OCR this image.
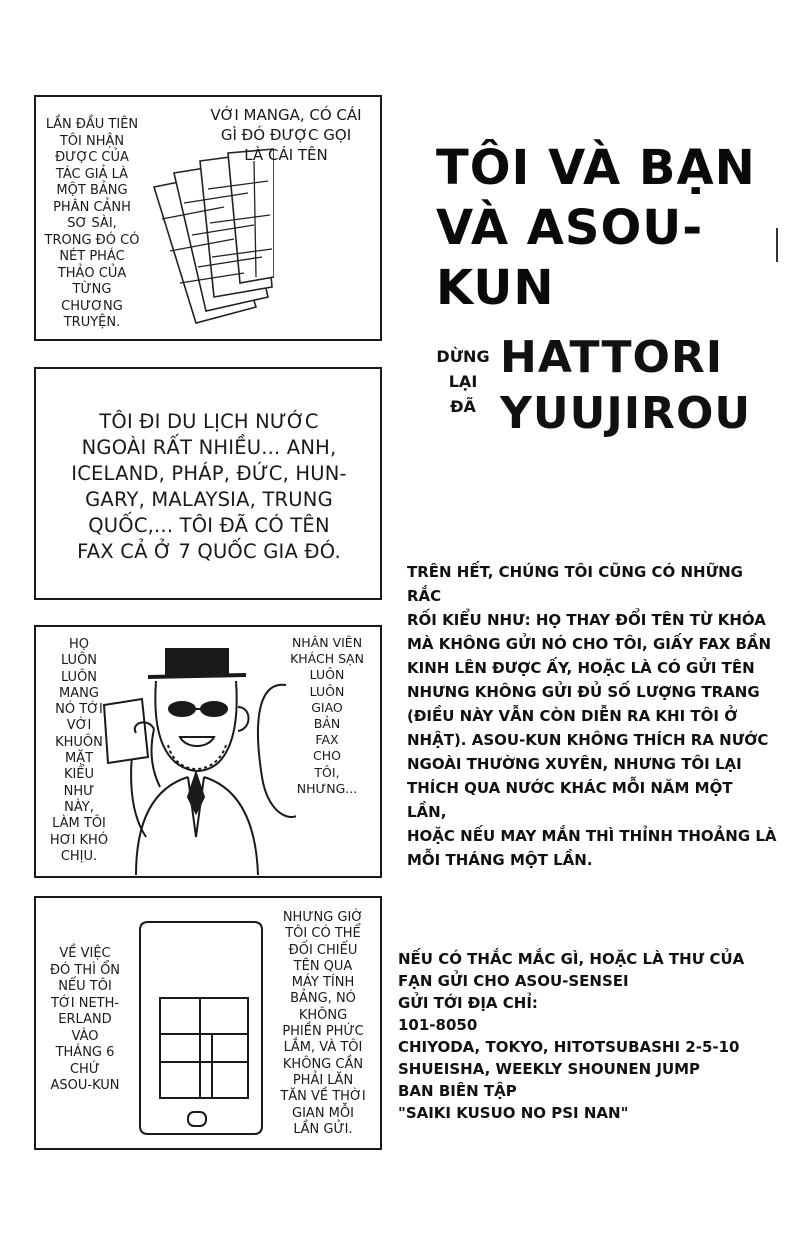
LẦN ĐẦU TIÊN
TÔI NHẬN
ĐƯỢC CỦA
TÁC GIẢ LÀ
MỘT BẢNG
PHÂN CẢNH
SƠ SÀI,
TRONG ĐÓ CÓ
NÉT PHÁC
THẢO CỦA
TỪNG
CHƯƠNG
TRUYỆN.
VỚI MANGA, CÓ CÁI
GÌ ĐÓ ĐƯỢC GỌI
LÀ CÁI TÊN
TÔI ĐI DU LỊCH NƯỚC
NGOÀI RẤT NHIỀU... ANH,
ICELAND, PHÁP, ĐỨC, HUN-
GARY, MALAYSIA, TRUNG
QUỐC,... TÔI ĐÃ CÓ TÊN
FAX CẢ Ở 7 QUỐC GIA ĐÓ.
HỌ
LUÔN
LUÔN
MANG
NÓ TỚI
VỚI
KHUÔN
MẶT
KIỂU
NHƯ
NÀY,
LÀM TÔI
HƠI KHÓ
CHỊU.
NHÂN VIÊN
KHÁCH SẠN
LUÔN
LUÔN
GIAO
BẢN
FAX
CHO
TÔI,
NHƯNG...
VỀ VIỆC
ĐÓ THÌ ỔN
NẾU TÔI
TỚI NETH-
ERLAND
VÀO
THÁNG 6
CHỨ
ASOU-KUN
NHƯNG GIỜ
TÔI CÓ THỂ
ĐỐI CHIẾU
TÊN QUA
MÁY TÍNH
BẢNG, NÓ
KHÔNG
PHIỀN PHỨC
LẮM, VÀ TÔI
KHÔNG CẦN
PHẢI LĂN
TĂN VỀ THỜI
GIAN MỖI
LẦN GỬI.
TÔI VÀ BẠN
VÀ ASOU-KUN
DỪNG
LẠI
ĐÃ
HATTORI
YUUJIROU
TRÊN HẾT, CHÚNG TÔI CŨNG CÓ NHỮNG RẮC
RỐI KIỂU NHƯ: HỌ THAY ĐỔI TÊN TỪ KHÓA
MÀ KHÔNG GỬI NÓ CHO TÔI, GIẤY FAX BẦN
KINH LÊN ĐƯỢC ẤY, HOẶC LÀ CÓ GỬI TÊN
NHƯNG KHÔNG GỬI ĐỦ SỐ LƯỢNG TRANG
(ĐIỀU NÀY VẪN CÒN DIỄN RA KHI TÔI Ở
NHẬT). ASOU-KUN KHÔNG THÍCH RA NƯỚC
NGOÀI THƯỜNG XUYÊN, NHƯNG TÔI LẠI
THÍCH QUA NƯỚC KHÁC MỖI NĂM MỘT LẦN,
HOẶC NẾU MAY MẮN THÌ THỈNH THOẢNG LÀ
MỖI THÁNG MỘT LẦN.
NẾU CÓ THẮC MẮC GÌ, HOẶC LÀ THƯ CỦA
FẠN GỬI CHO ASOU-SENSEI
GỬI TỚI ĐỊA CHỈ:
101-8050
CHIYODA, TOKYO, HITOTSUBASHI 2-5-10
SHUEISHA, WEEKLY SHOUNEN JUMP
BAN BIÊN TẬP
"SAIKI KUSUO NO PSI NAN"
